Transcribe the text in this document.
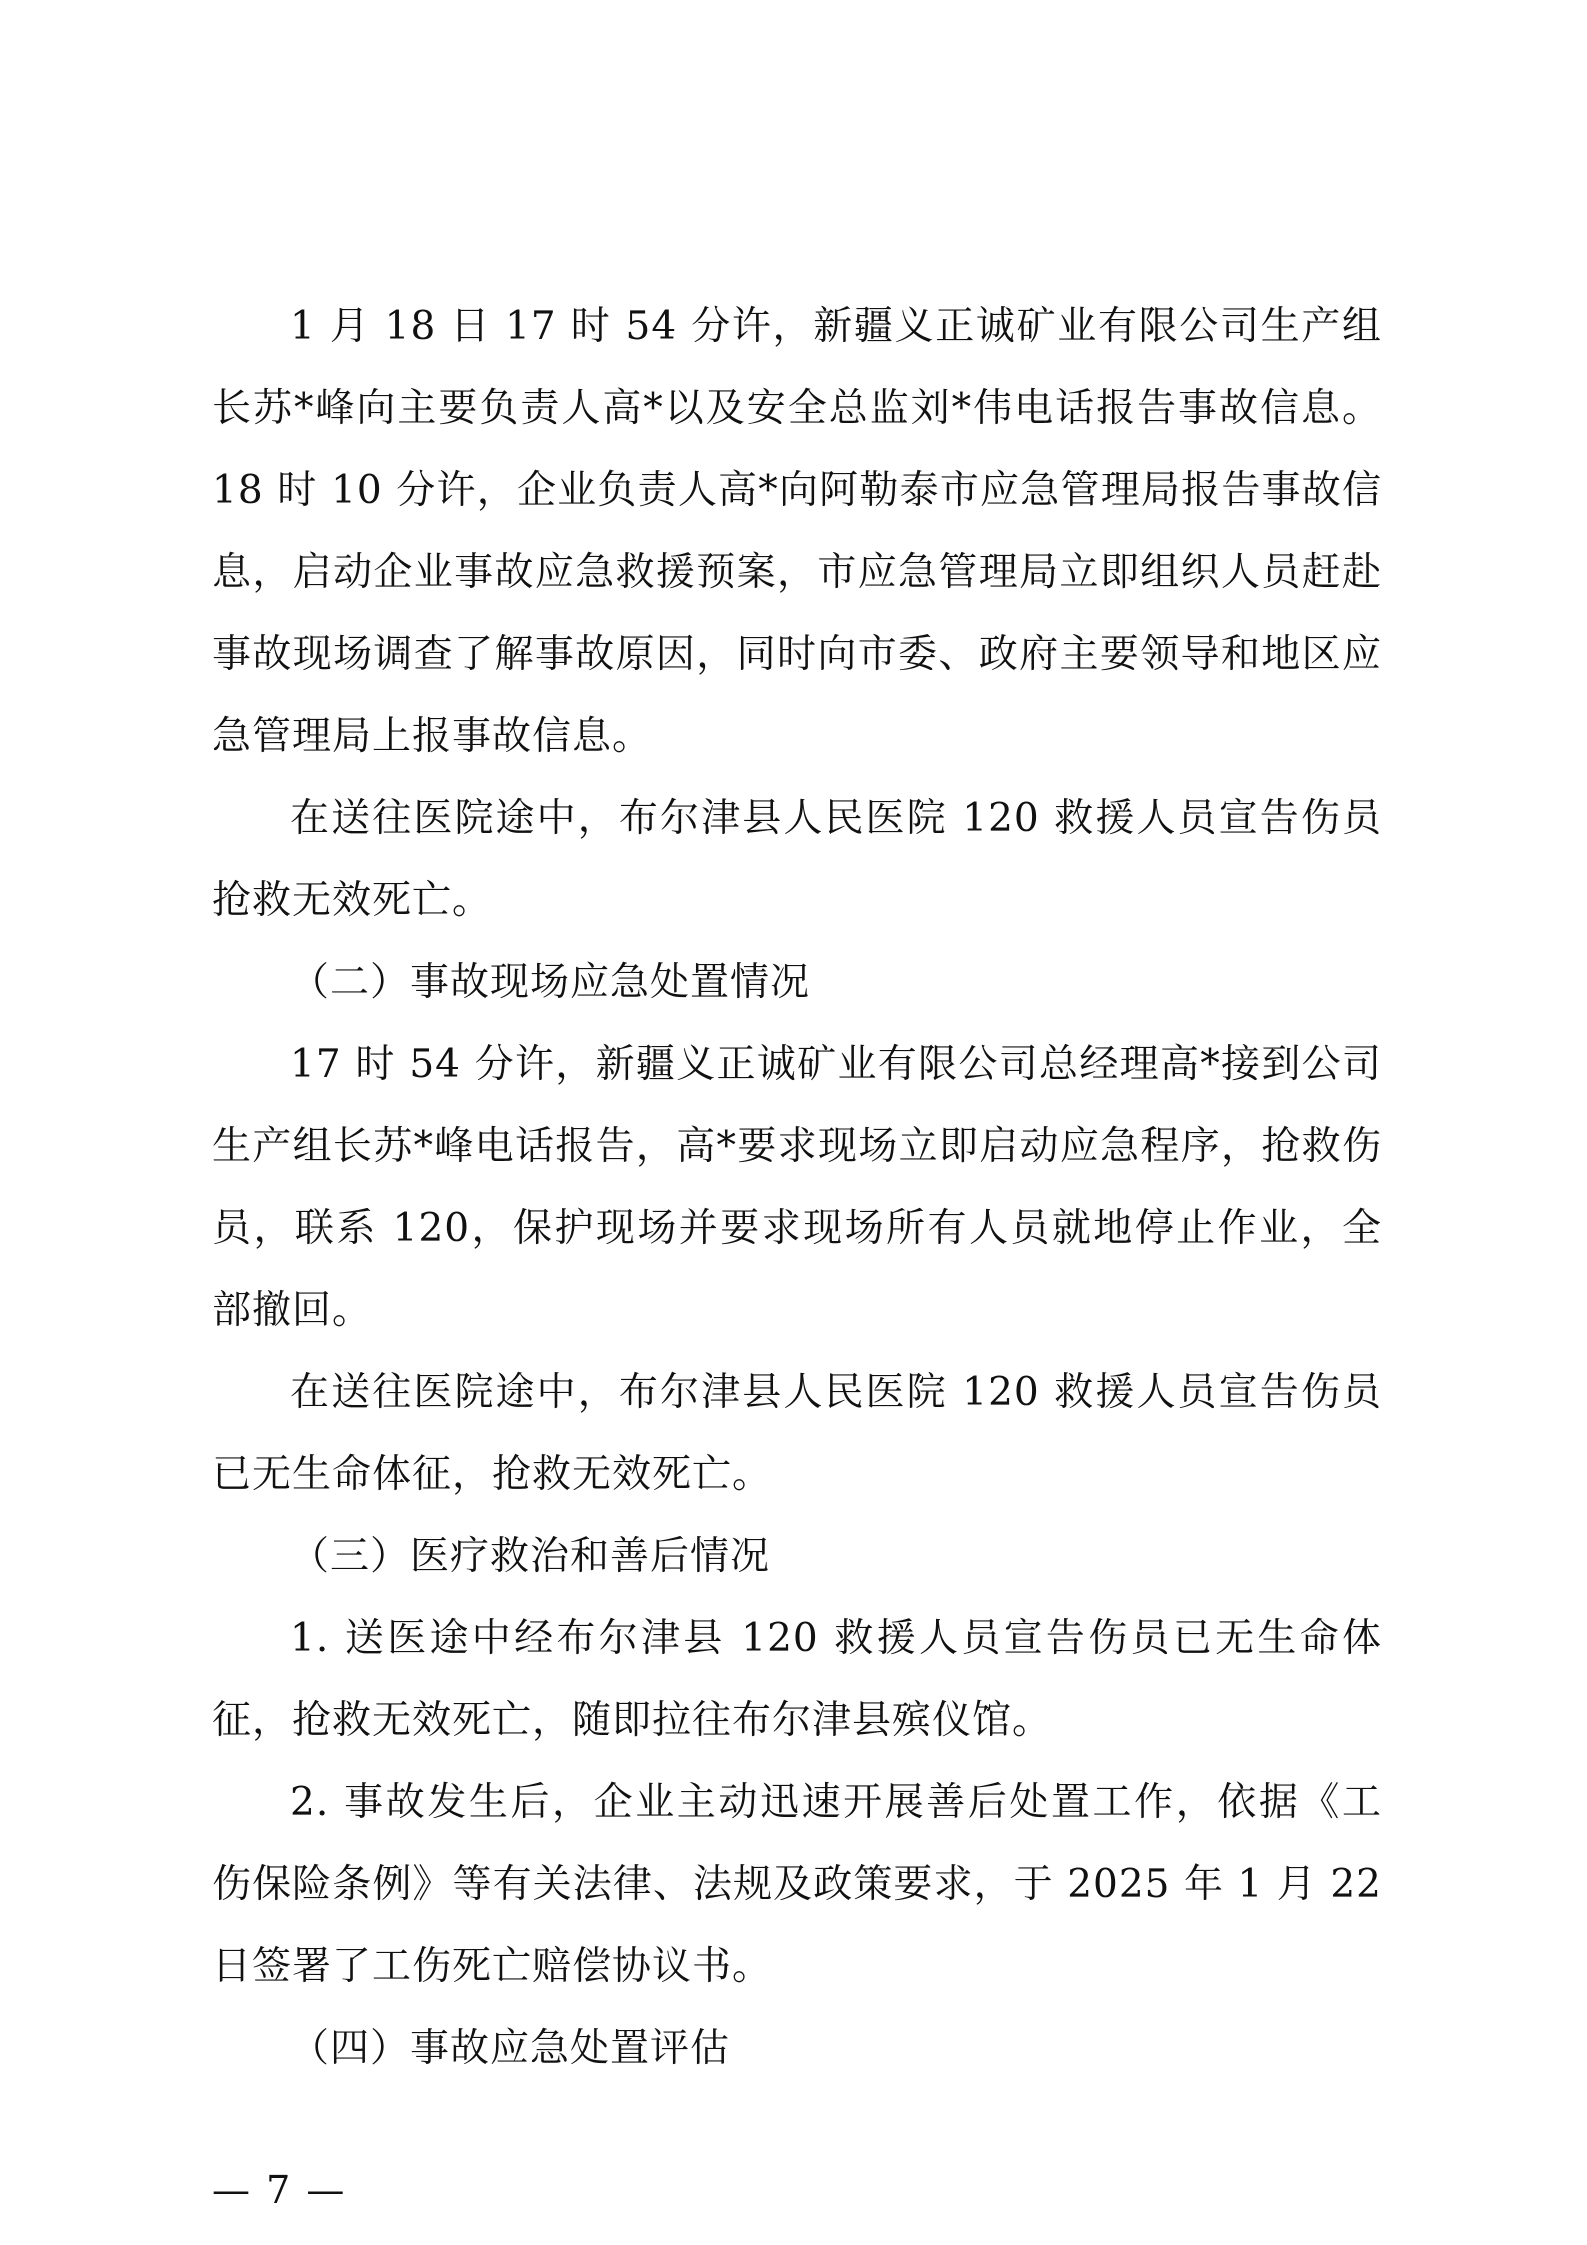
1 月 18 日 17 时 54 分许，新疆义正诚矿业有限公司生产组长苏*峰向主要负责人高*以及安全总监刘*伟电话报告事故信息。18 时 10 分许，企业负责人高*向阿勒泰市应急管理局报告事故信息，启动企业事故应急救援预案，市应急管理局立即组织人员赶赴事故现场调查了解事故原因，同时向市委、政府主要领导和地区应急管理局上报事故信息。

在送往医院途中，布尔津县人民医院 120 救援人员宣告伤员抢救无效死亡。

（二）事故现场应急处置情况

17 时 54 分许，新疆义正诚矿业有限公司总经理高*接到公司生产组长苏*峰电话报告，高*要求现场立即启动应急程序，抢救伤员，联系 120，保护现场并要求现场所有人员就地停止作业，全部撤回。

在送往医院途中，布尔津县人民医院 120 救援人员宣告伤员已无生命体征，抢救无效死亡。

（三）医疗救治和善后情况

1. 送医途中经布尔津县 120 救援人员宣告伤员已无生命体征，抢救无效死亡，随即拉往布尔津县殡仪馆。

2. 事故发生后，企业主动迅速开展善后处置工作，依据《工伤保险条例》等有关法律、法规及政策要求，于 2025 年 1 月 22 日签署了工伤死亡赔偿协议书。

（四）事故应急处置评估

— 7 —
